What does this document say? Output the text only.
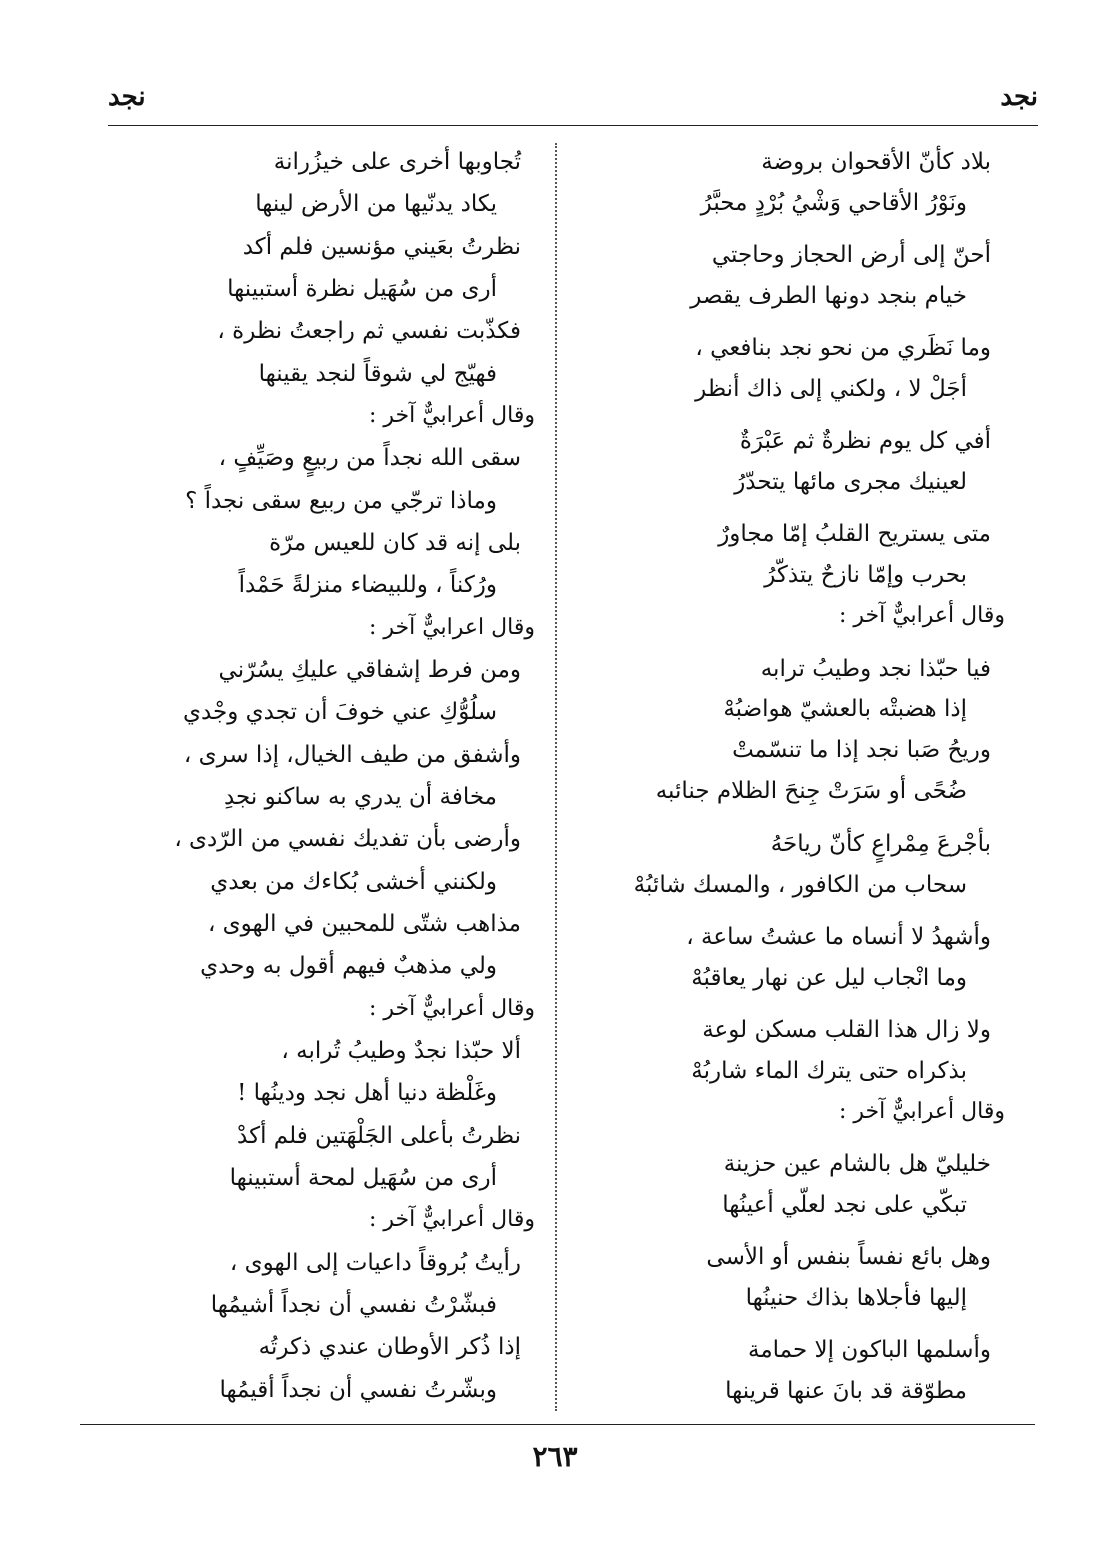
نجد	نجد
بلاد كأنّ الأقحوان بروضة
ونَوْرُ الأقاحي وَشْيُ بُرْدٍ محبَّرُ
أحنّ إلى أرض الحجاز وحاجتي
خيام بنجد دونها الطرف يقصر
وما نَظَري من نحو نجد بنافعي ،
أجَلْ لا ، ولكني إلى ذاك أنظر
أفي كل يوم نظرةٌ ثم عَبْرَةٌ
لعينيك مجرى مائها يتحدّرُ
متى يستريح القلبُ إمّا مجاورٌ
بحرب وإمّا نازحٌ يتذكّرُ
وقال أعرابيٌّ آخر :
فيا حبّذا نجد وطيبُ ترابه
إذا هضبتْه بالعشيّ هواضبُهْ
وريحُ صَبا نجد إذا ما تنسّمتْ
ضُحًى أو سَرَتْ جِنحَ الظلام جنائبه
بأجْرعَ مِمْراعٍ كأنّ رياحَهُ
سحاب من الكافور ، والمسك شائبُهْ
وأشهدُ لا أنساه ما عشتُ ساعة ،
وما انْجاب ليل عن نهار يعاقبُهْ
ولا زال هذا القلب مسكن لوعة
بذكراه حتى يترك الماء شاربُهْ
وقال أعرابيٌّ آخر :
خليليّ هل بالشام عين حزينة
تبكّي على نجد لعلّي أعينُها
وهل بائع نفساً بنفس أو الأسى
إليها فأجلاها بذاك حنينُها
وأسلمها الباكون إلا حمامة
مطوّقة قد بانَ عنها قرينها
تُجاوبها أخرى على خيزُرانة
يكاد يدنّيها من الأرض لينها
نظرتُ بعَيني مؤنسين فلم أكد
أرى من سُهَيل نظرة أستبينها
فكذّبت نفسي ثم راجعتُ نظرة ،
فهيّج لي شوقاً لنجد يقينها
وقال أعرابيٌّ آخر :
سقى الله نجداً من ربيعٍ وصَيِّفٍ ،
وماذا ترجّي من ربيع سقى نجداً ؟
بلى إنه قد كان للعيس مرّة
ورُكناً ، وللبيضاء منزلةً حَمْداً
وقال اعرابيٌّ آخر :
ومن فرط إشفاقي عليكِ يسُرّني
سلُوُّكِ عني خوفَ أن تجدي وجْدي
وأشفق من طيف الخيال، إذا سرى ،
مخافة أن يدري به ساكنو نجدِ
وأرضى بأن تفديك نفسي من الرّدى ،
ولكنني أخشى بُكاءك من بعدي
مذاهب شتّى للمحبين في الهوى ،
ولي مذهبٌ فيهم أقول به وحدي
وقال أعرابيٌّ آخر :
ألا حبّذا نجدٌ وطيبُ تُرابه ،
وغَلْظة دنيا أهل نجد ودينُها !
نظرتُ بأعلى الجَلْهَتين فلم أكدْ
أرى من سُهَيل لمحة أستبينها
وقال أعرابيٌّ آخر :
رأيتُ بُروقاً داعيات إلى الهوى ،
فبشّرْتُ نفسي أن نجداً أشيمُها
إذا ذُكر الأوطان عندي ذكرتُه
وبشّرتُ نفسي أن نجداً أقيمُها
٢٦٣
